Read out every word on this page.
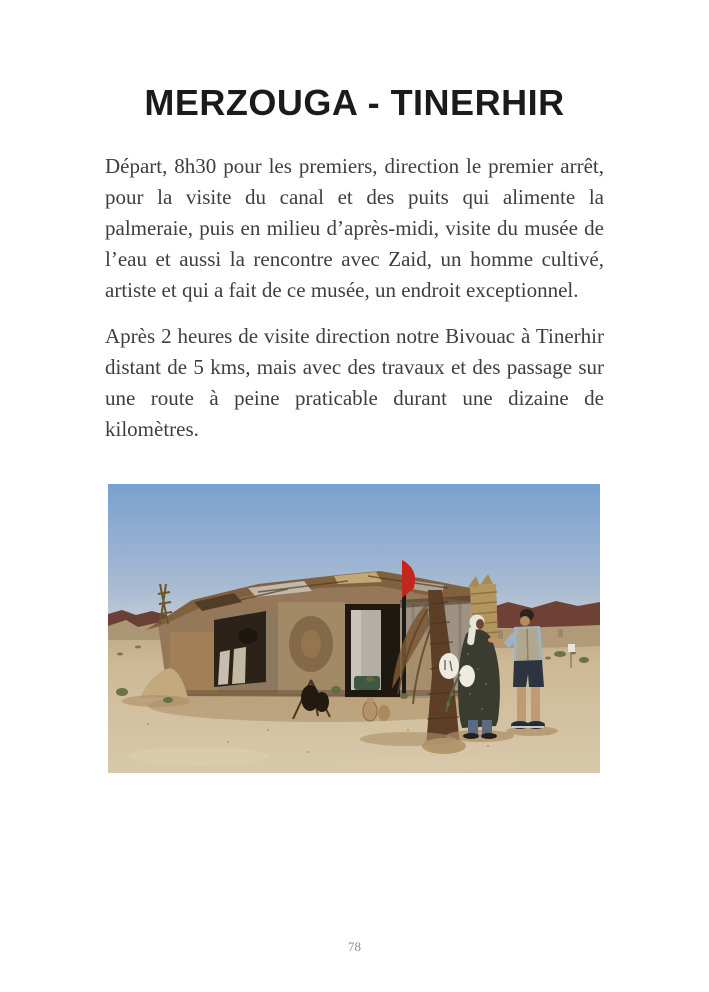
MERZOUGA - TINERHIR

Départ, 8h30 pour les premiers, direction le premier arrêt, pour la visite du canal et des puits qui alimente la palmeraie, puis en milieu d’après-midi, visite du musée de l’eau et aussi la rencontre avec Zaid, un homme cultivé, artiste et qui a fait de ce musée, un endroit exceptionnel.

Après 2 heures de visite direction notre Bivouac à Tinerhir distant de 5 kms, mais avec des travaux et des passage sur une route à peine praticable durant une dizaine de kilomètres.

78
